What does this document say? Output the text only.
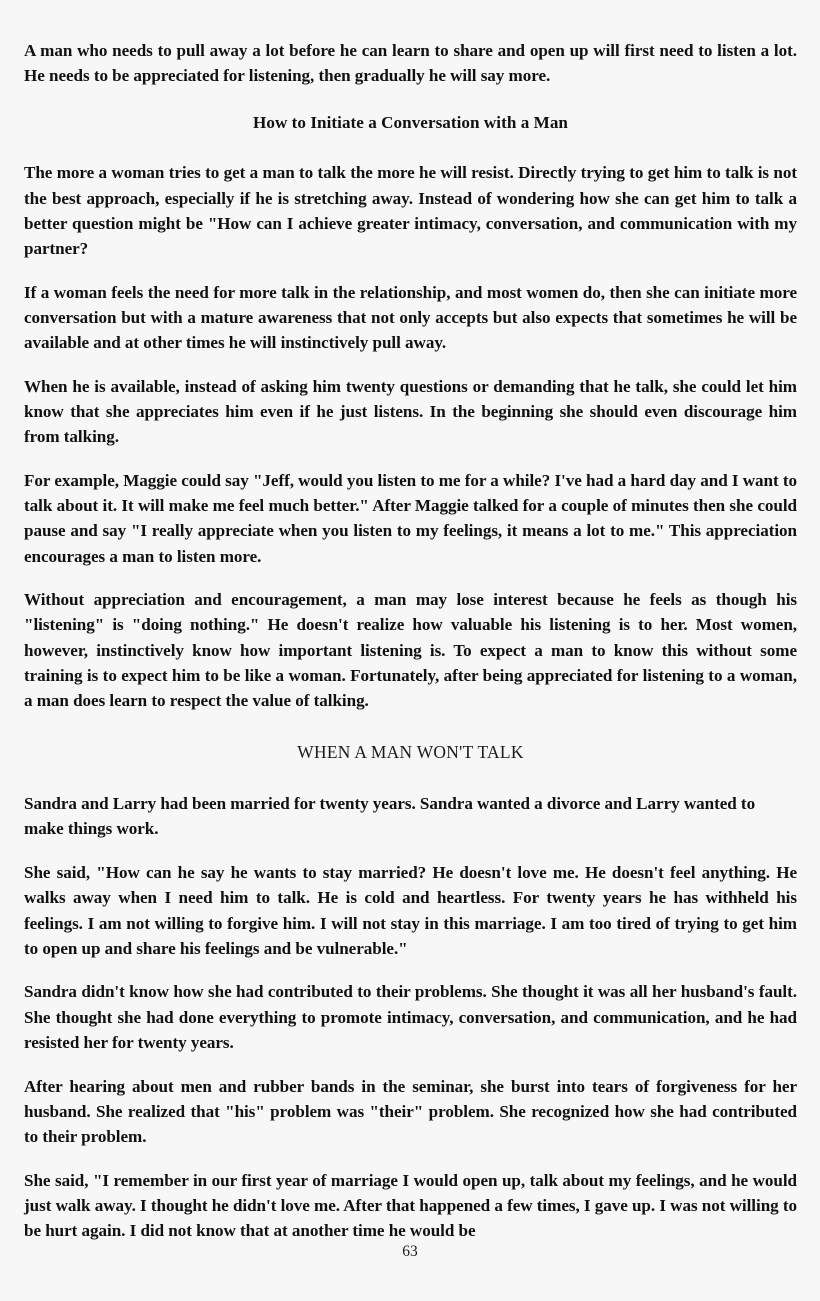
A man who needs to pull away a lot before he can learn to share and open up will first need to listen a lot. He needs to be appreciated for listening, then gradually he will say more.

How to Initiate a Conversation with a Man

The more a woman tries to get a man to talk the more he will resist. Directly trying to get him to talk is not the best approach, especially if he is stretching away. Instead of wondering how she can get him to talk a better question might be "How can I achieve greater intimacy, conversation, and communication with my partner?

If a woman feels the need for more talk in the relationship, and most women do, then she can initiate more conversation but with a mature awareness that not only accepts but also expects that sometimes he will be available and at other times he will instinctively pull away.

When he is available, instead of asking him twenty questions or demanding that he talk, she could let him know that she appreciates him even if he just listens. In the beginning she should even discourage him from talking.

For example, Maggie could say "Jeff, would you listen to me for a while? I've had a hard day and I want to talk about it. It will make me feel much better." After Maggie talked for a couple of minutes then she could pause and say "I really appreciate when you listen to my feelings, it means a lot to me." This appreciation encourages a man to listen more.

Without appreciation and encouragement, a man may lose interest because he feels as though his "listening" is "doing nothing." He doesn't realize how valuable his listening is to her. Most women, however, instinctively know how important listening is. To expect a man to know this without some training is to expect him to be like a woman. Fortunately, after being appreciated for listening to a woman, a man does learn to respect the value of talking.

WHEN A MAN WON'T TALK

Sandra and Larry had been married for twenty years. Sandra wanted a divorce and Larry wanted to make things work.

She said, "How can he say he wants to stay married? He doesn't love me. He doesn't feel anything. He walks away when I need him to talk. He is cold and heartless. For twenty years he has withheld his feelings. I am not willing to forgive him. I will not stay in this marriage. I am too tired of trying to get him to open up and share his feelings and be vulnerable."

Sandra didn't know how she had contributed to their problems. She thought it was all her husband's fault. She thought she had done everything to promote intimacy, conversation, and communication, and he had resisted her for twenty years.

After hearing about men and rubber bands in the seminar, she burst into tears of forgiveness for her husband. She realized that "his" problem was "their" problem. She recognized how she had contributed to their problem.

She said, "I remember in our first year of marriage I would open up, talk about my feelings, and he would just walk away. I thought he didn't love me. After that happened a few times, I gave up. I was not willing to be hurt again. I did not know that at another time he would be

63
